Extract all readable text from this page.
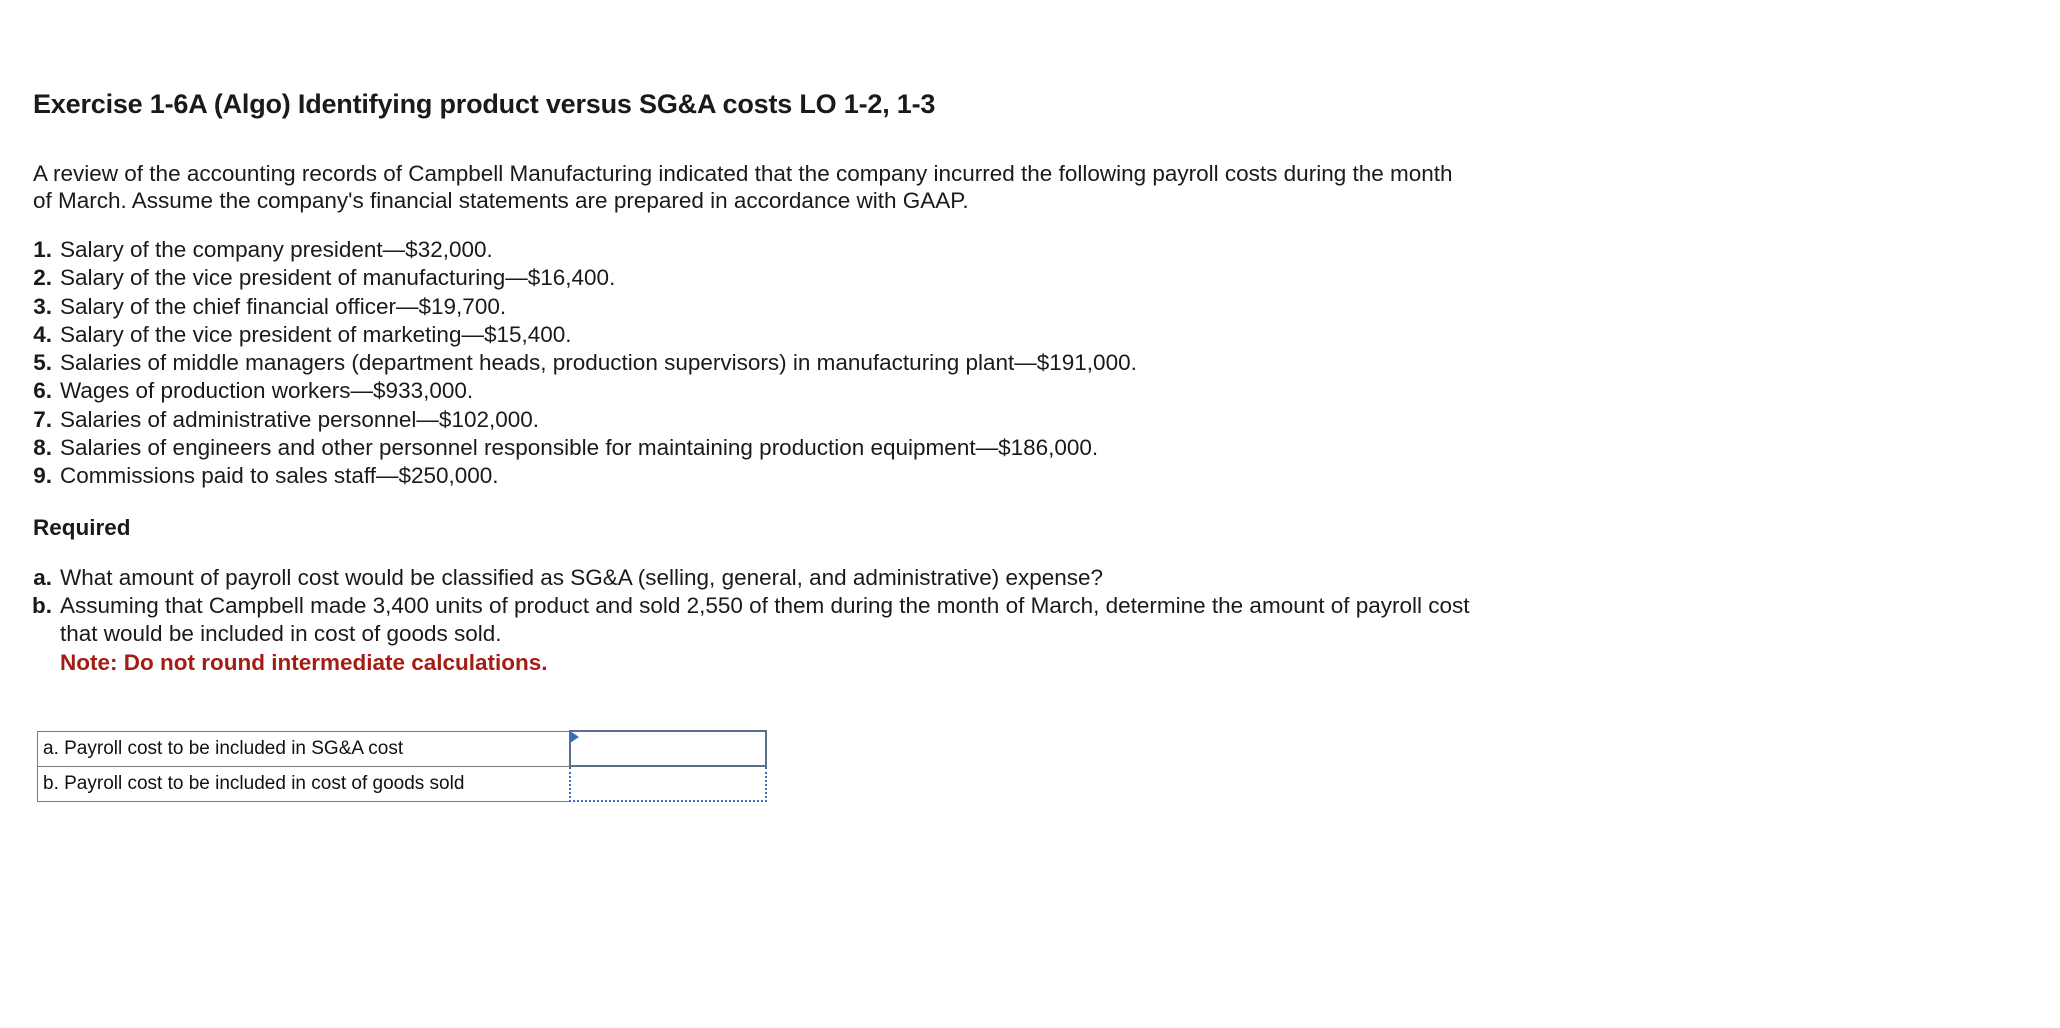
Exercise 1-6A (Algo) Identifying product versus SG&A costs LO 1-2, 1-3

A review of the accounting records of Campbell Manufacturing indicated that the company incurred the following payroll costs during the month of March. Assume the company's financial statements are prepared in accordance with GAAP.

1. Salary of the company president—$32,000.
2. Salary of the vice president of manufacturing—$16,400.
3. Salary of the chief financial officer—$19,700.
4. Salary of the vice president of marketing—$15,400.
5. Salaries of middle managers (department heads, production supervisors) in manufacturing plant—$191,000.
6. Wages of production workers—$933,000.
7. Salaries of administrative personnel—$102,000.
8. Salaries of engineers and other personnel responsible for maintaining production equipment—$186,000.
9. Commissions paid to sales staff—$250,000.
Required
a. What amount of payroll cost would be classified as SG&A (selling, general, and administrative) expense?
b. Assuming that Campbell made 3,400 units of product and sold 2,550 of them during the month of March, determine the amount of payroll cost that would be included in cost of goods sold.
Note: Do not round intermediate calculations.
a. Payroll cost to be included in SG&A cost	

b. Payroll cost to be included in cost of goods sold	
